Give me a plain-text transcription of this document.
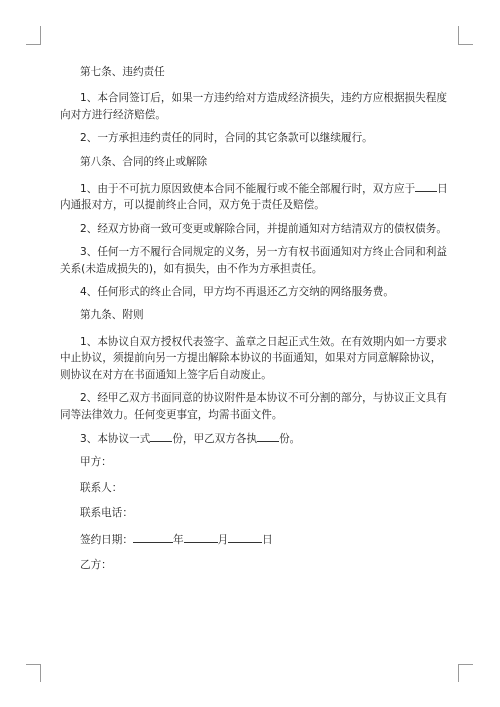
第七条、违约责任

1、本合同签订后，如果一方违约给对方造成经济损失，违约方应根据损失程度向对方进行经济赔偿。

2、一方承担违约责任的同时，合同的其它条款可以继续履行。

第八条、合同的终止或解除

1、由于不可抗力原因致使本合同不能履行或不能全部履行时，双方应于 日内通报对方，可以提前终止合同，双方免于责任及赔偿。

2、经双方协商一致可变更或解除合同，并提前通知对方结清双方的债权债务。

3、任何一方不履行合同规定的义务，另一方有权书面通知对方终止合同和利益关系(未造成损失的)，如有损失，由不作为方承担责任。

4、任何形式的终止合同，甲方均不再退还乙方交纳的网络服务费。

第九条、附则

1、本协议自双方授权代表签字、盖章之日起正式生效。在有效期内如一方要求中止协议，须提前向另一方提出解除本协议的书面通知，如果对方同意解除协议，则协议在对方在书面通知上签字后自动废止。

2、经甲乙双方书面同意的协议附件是本协议不可分割的部分，与协议正文具有同等法律效力。任何变更事宜，均需书面文件。

3、本协议一式 份，甲乙双方各执 份。

甲方：

联系人：

联系电话：

签约日期：	年	月	日

乙方：
